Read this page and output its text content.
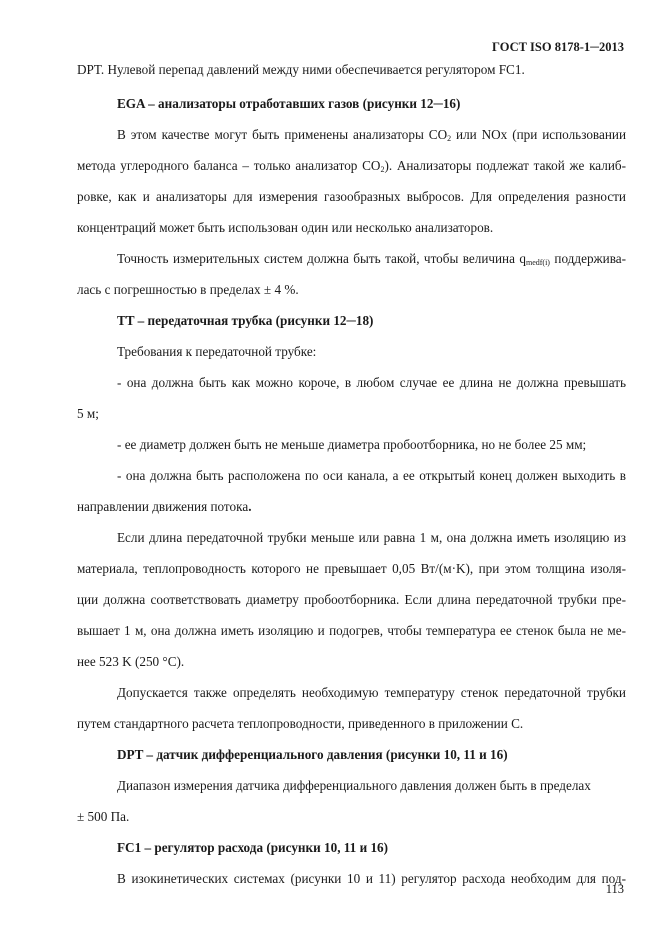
ГОСТ ISO 8178-1─2013
DPT. Нулевой перепад давлений между ними обеспечивается регулятором FC1.
EGA – анализаторы отработавших газов (рисунки 12─16)
В этом качестве могут быть применены анализаторы $CO_2$ или NOx (при использовании
метода углеродного баланса – только анализатор $CO_2$). Анализаторы подлежат такой же калиб-
ровке, как и анализаторы для измерения газообразных выбросов. Для определения разности
концентраций может быть использован один или несколько анализаторов.
Точность измерительных систем должна быть такой, чтобы величина $q_{medf(i)}$ поддержива-
лась с погрешностью в пределах ± 4 %.
TT – передаточная трубка (рисунки 12─18)
Требования к передаточной трубке:
- она должна быть как можно короче, в любом случае ее длина не должна превышать
5 м;
- ее диаметр должен быть не меньше диаметра пробоотборника, но не более 25 мм;
- она должна быть расположена по оси канала, а ее открытый конец должен выходить в
направлении движения потока.
Если длина передаточной трубки меньше или равна 1 м, она должна иметь изоляцию из
материала, теплопроводность которого не превышает 0,05 Вт/(м·K), при этом толщина изоля-
ции должна соответствовать диаметру пробоотборника. Если длина передаточной трубки пре-
вышает 1 м, она должна иметь изоляцию и подогрев, чтобы температура ее стенок была не ме-
нее 523 K (250 °C).
Допускается также определять необходимую температуру стенок передаточной трубки
путем стандартного расчета теплопроводности, приведенного в приложении С.
DPT – датчик дифференциального давления (рисунки 10, 11 и 16)
Диапазон измерения датчика дифференциального давления должен быть в пределах
± 500 Па.
FC1 – регулятор расхода (рисунки 10, 11 и 16)
В изокинетических системах (рисунки 10 и 11) регулятор расхода необходим для под-
113
